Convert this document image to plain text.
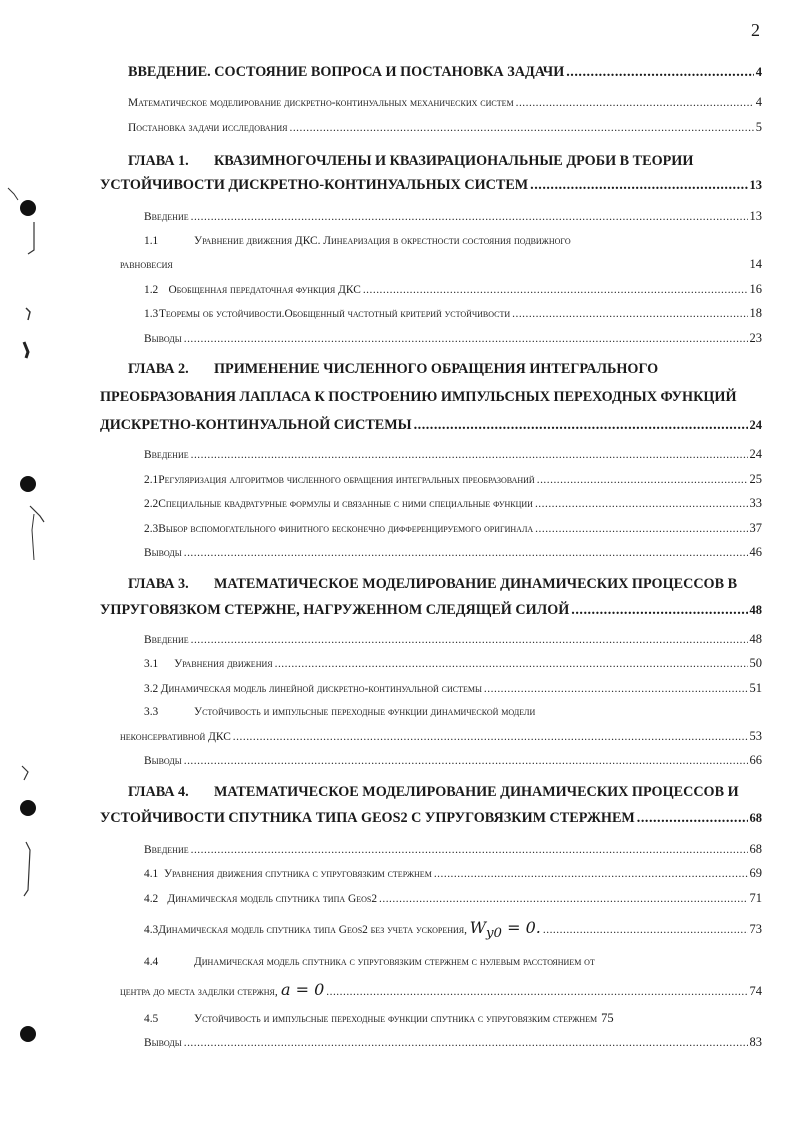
2
ВВЕДЕНИЕ. СОСТОЯНИЕ ВОПРОСА И ПОСТАНОВКА ЗАДАЧИ .....	4
Математическое моделирование дискретно-континуальных механических систем .....	4
Постановка задачи исследования .....	5
ГЛАВА 1. КВАЗИМНОГОЧЛЕНЫ И КВАЗИРАЦИОНАЛЬНЫЕ ДРОБИ В ТЕОРИИ
УСТОЙЧИВОСТИ ДИСКРЕТНО-КОНТИНУАЛЬНЫХ СИСТЕМ .....	13
Введение .....	13
1.1	Уравнение движения ДКС. Линеаризация в окрестности состояния подвижного
равновесия	14
1.2 Обобщенная передаточная функция ДКС .....	16
1.3 Теоремы об устойчивости.Обобщенный частотный критерий устойчивости .....	18
Выводы .....	23
ГЛАВА 2. ПРИМЕНЕНИЕ ЧИСЛЕННОГО ОБРАЩЕНИЯ ИНТЕГРАЛЬНОГО
ПРЕОБРАЗОВАНИЯ ЛАПЛАСА К ПОСТРОЕНИЮ ИМПУЛЬСНЫХ ПЕРЕХОДНЫХ ФУНКЦИЙ
ДИСКРЕТНО-КОНТИНУАЛЬНОЙ СИСТЕМЫ .....	24
Введение .....	24
2.1 Регуляризация алгоритмов численного обращения интегральных преобразований .....	25
2.2 Специальные квадратурные формулы и связанные с ними специальные функции .....	33
2.3 Выбор вспомогательного финитного бесконечно дифференцируемого оригинала .....	37
Выводы .....	46
ГЛАВА 3. МАТЕМАТИЧЕСКОЕ МОДЕЛИРОВАНИЕ ДИНАМИЧЕСКИХ ПРОЦЕССОВ В
УПРУГОВЯЗКОМ СТЕРЖНЕ, НАГРУЖЕННОМ СЛЕДЯЩЕЙ СИЛОЙ .....	48
Введение .....	48
3.1	Уравнения движения .....	50
3.2 Динамическая модель линейной дискретно-континуальной системы .....	51
3.3	Устойчивость и импульсные переходные функции динамической модели
неконсервативной ДКС .....	53
Выводы .....	66
ГЛАВА 4. МАТЕМАТИЧЕСКОЕ МОДЕЛИРОВАНИЕ ДИНАМИЧЕСКИХ ПРОЦЕССОВ И
УСТОЙЧИВОСТИ СПУТНИКА ТИПА GEOS2 С УПРУГОВЯЗКИМ СТЕРЖНЕМ .....	68
Введение .....	68
4.1 Уравнения движения спутника с упруговязким стержнем .....	69
4.2 Динамическая модель спутника типа Geos2 .....	71
4.3 Динамическая модель спутника типа Geos2 без учета ускорения, $W_{y0} = 0$. .....	73
4.4	Динамическая модель спутника с упруговязким стержнем с нулевым расстоянием от
центра до места заделки стержня, a = 0 .....	74
4.5	Устойчивость и импульсные переходные функции спутника с упруговязким стержнем 75
Выводы .....	83
